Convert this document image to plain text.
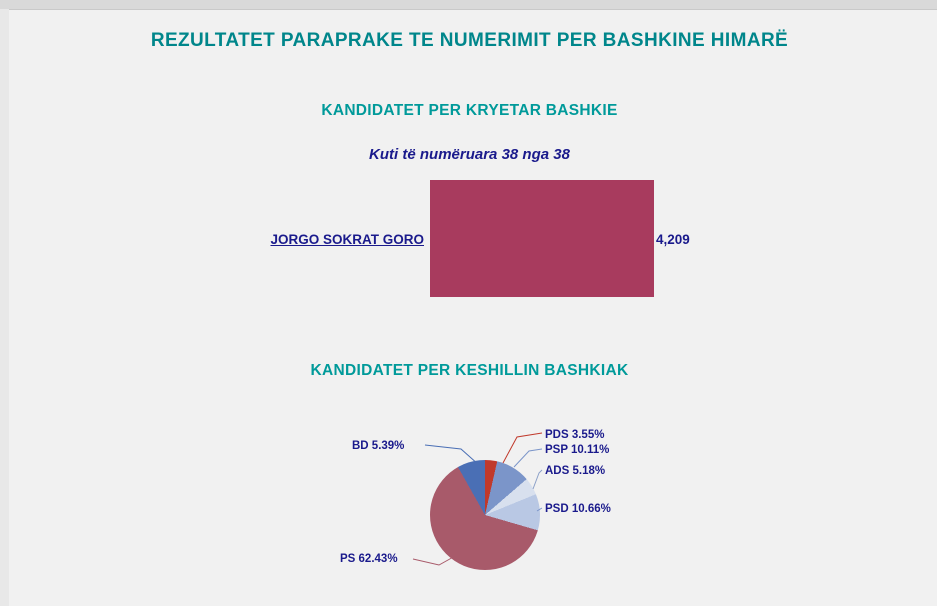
REZULTATET PARAPRAKE TE NUMERIMIT PER BASHKINE HIMARË
KANDIDATET PER KRYETAR BASHKIE
Kuti të numëruara 38 nga 38
JORGO SOKRAT GORO	4,209
KANDIDATET PER KESHILLIN BASHKIAK
PDS 3.55%
PSP 10.11%
ADS 5.18%
PSD 10.66%
BD 5.39%
PS 62.43%
